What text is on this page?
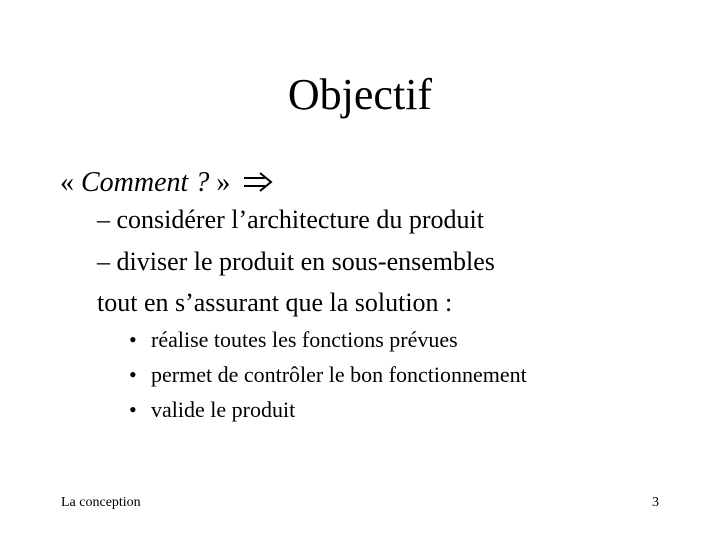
Objectif
« Comment ? »
– considérer l’architecture du produit
– diviser le produit en sous-ensembles
tout en s’assurant que la solution :
• réalise toutes les fonctions prévues
• permet de contrôler le bon fonctionnement
• valide le produit
La conception	3
